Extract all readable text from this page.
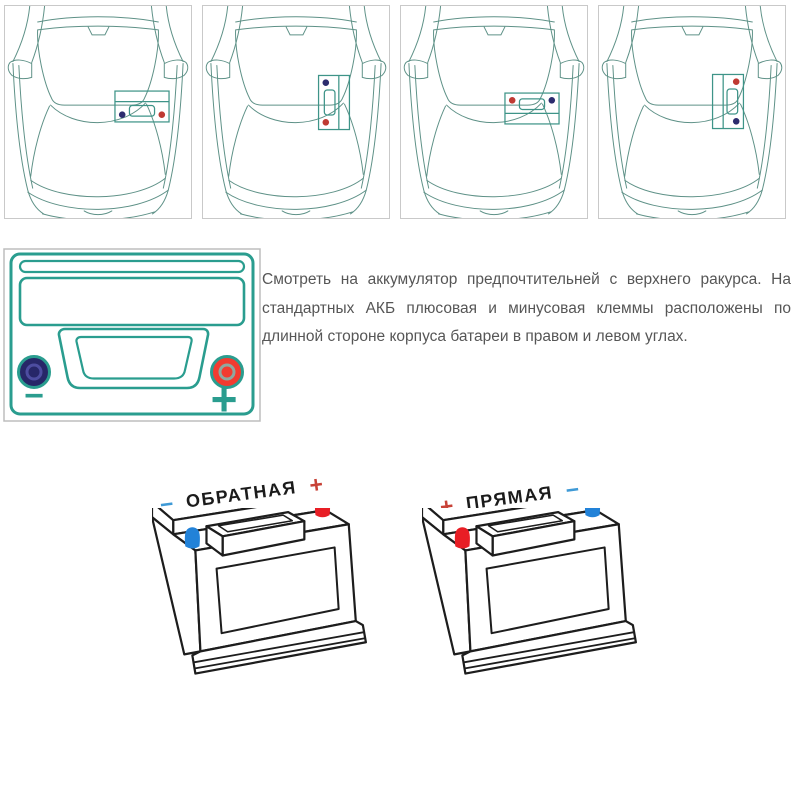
−	+
Смотреть на аккумулятор предпочтительней с верхнего ракурса. На стандартных АКБ плюсовая и минусовая клеммы расположены по длинной стороне корпуса батареи в правом и левом углах.
− ОБРАТНАЯ +
+ ПРЯМАЯ −
